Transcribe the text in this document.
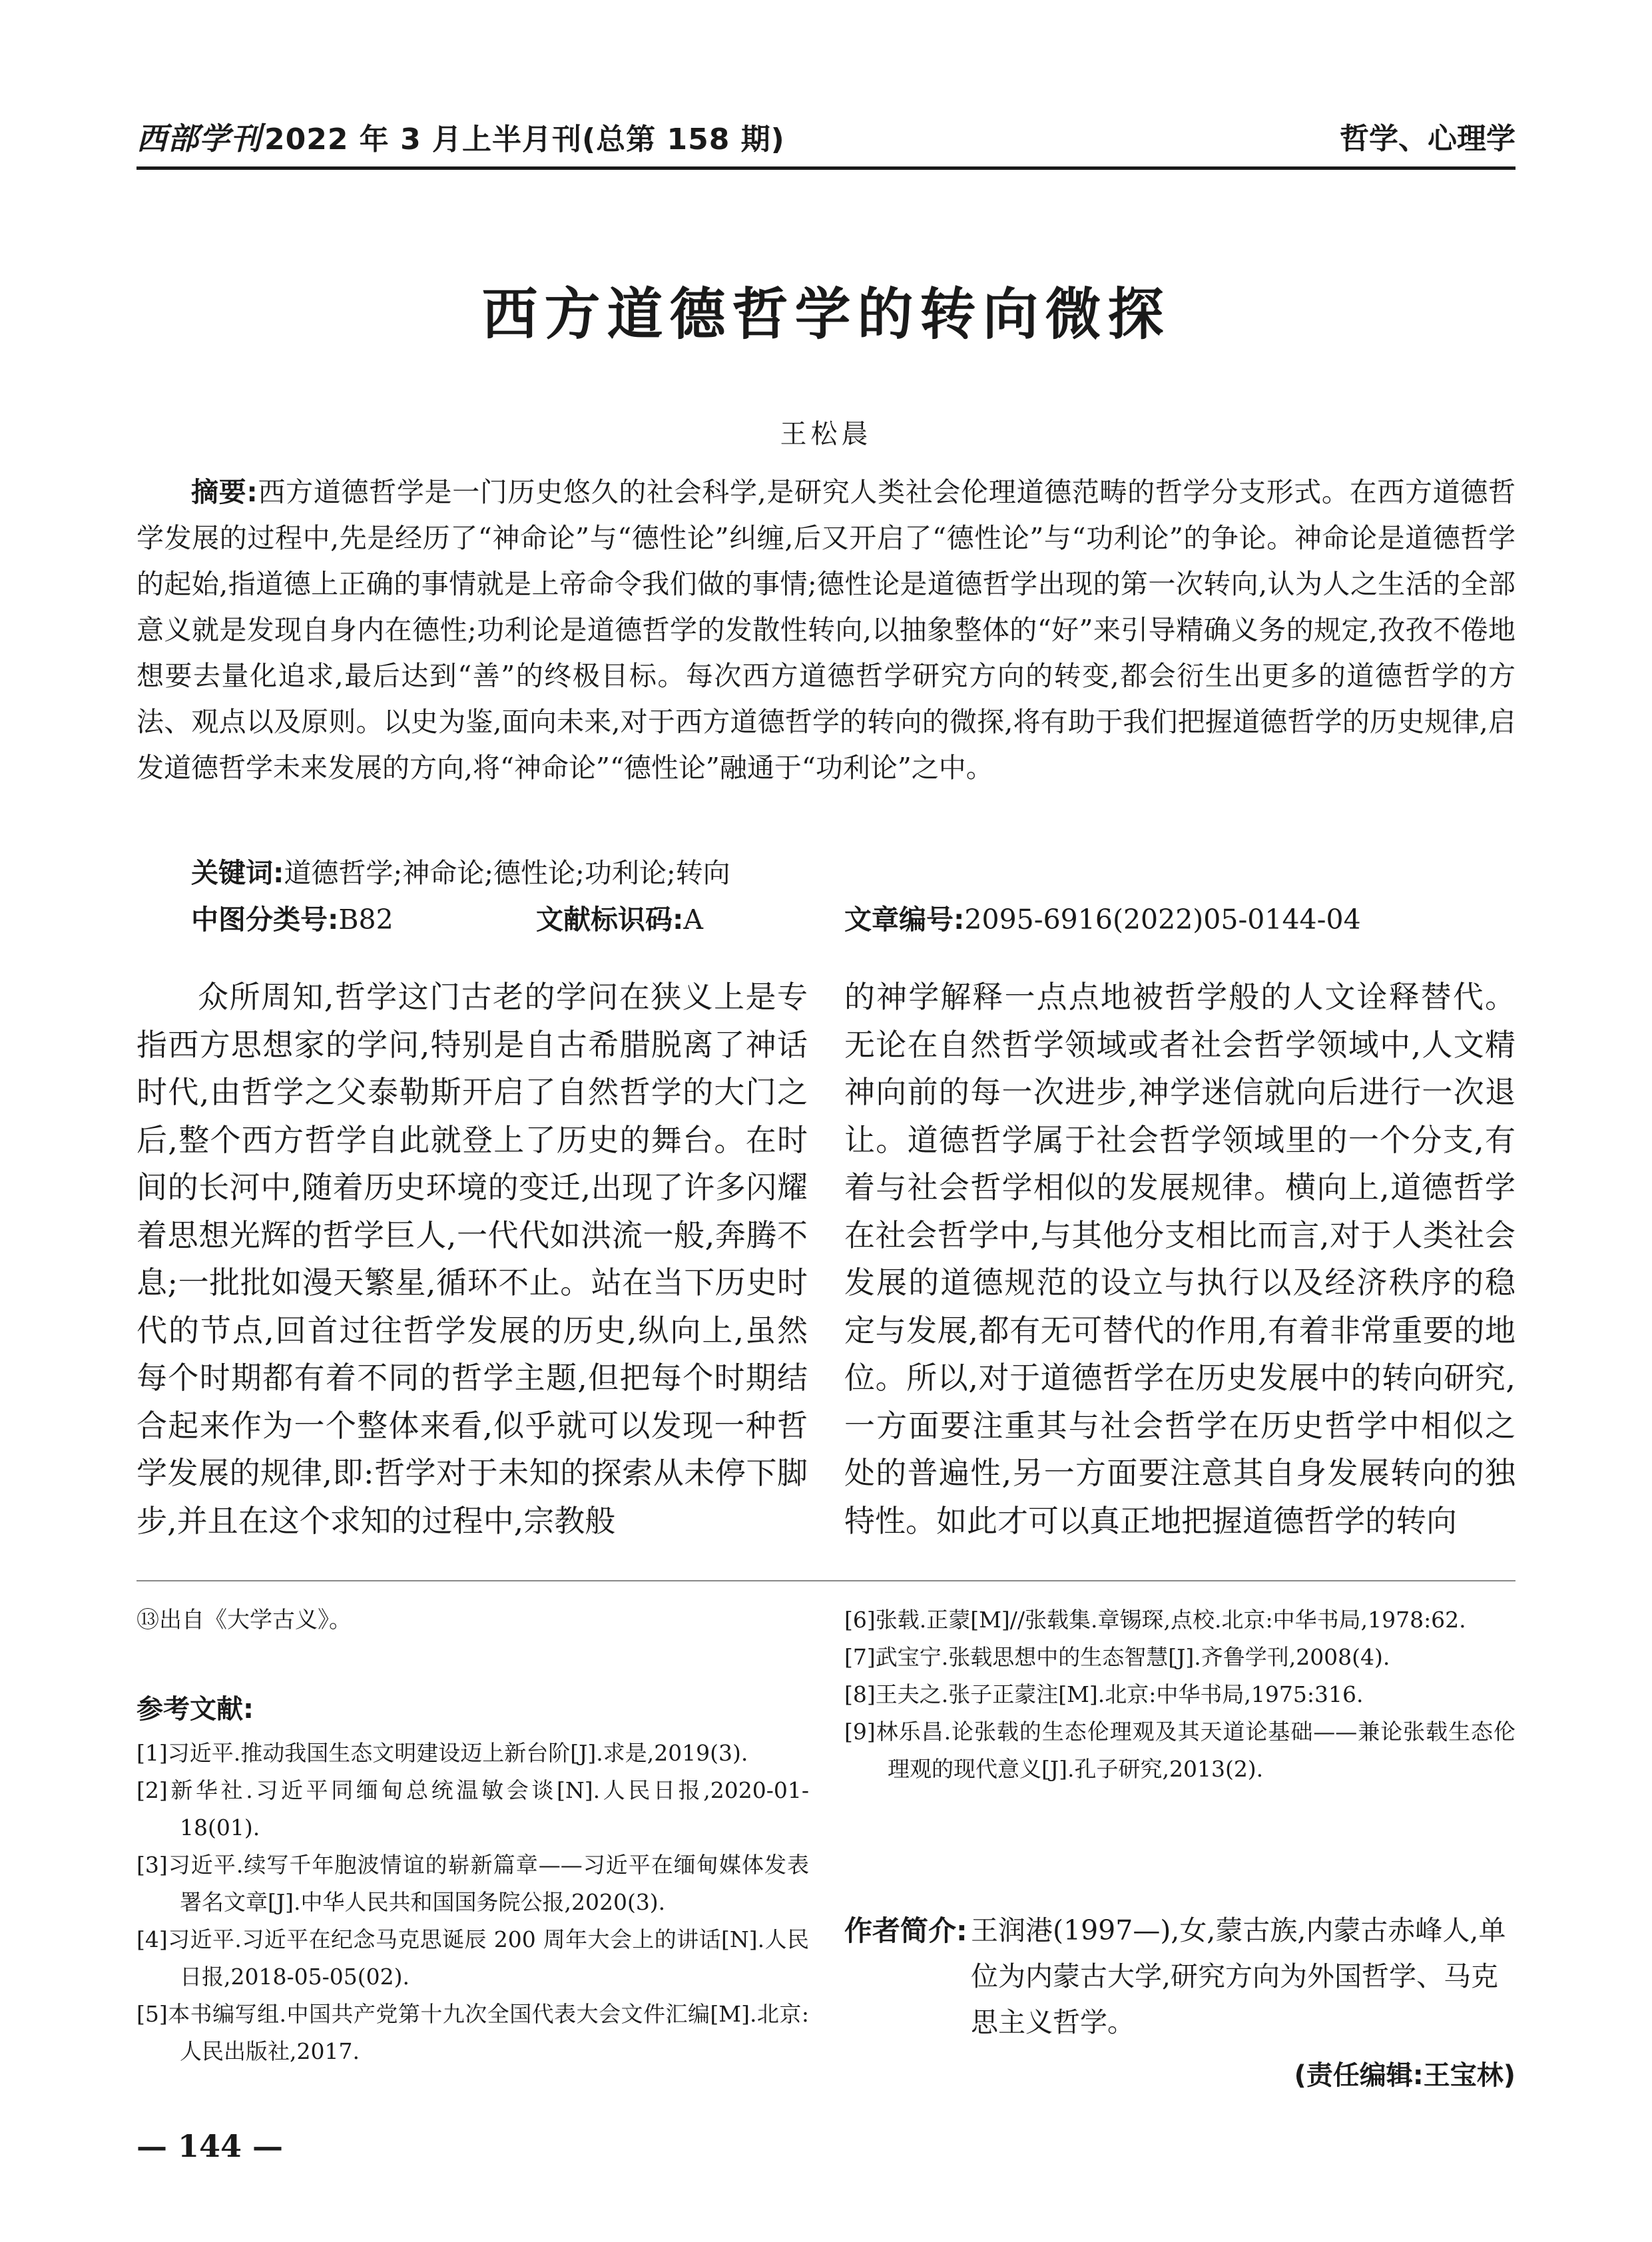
西部学刊2022 年 3 月上半月刊(总第 158 期)	哲学、心理学
西方道德哲学的转向微探
王松晨
摘要:西方道德哲学是一门历史悠久的社会科学,是研究人类社会伦理道德范畴的哲学分支形式。在西方道德哲学发展的过程中,先是经历了“神命论”与“德性论”纠缠,后又开启了“德性论”与“功利论”的争论。神命论是道德哲学的起始,指道德上正确的事情就是上帝命令我们做的事情;德性论是道德哲学出现的第一次转向,认为人之生活的全部意义就是发现自身内在德性;功利论是道德哲学的发散性转向,以抽象整体的“好”来引导精确义务的规定,孜孜不倦地想要去量化追求,最后达到“善”的终极目标。每次西方道德哲学研究方向的转变,都会衍生出更多的道德哲学的方法、观点以及原则。以史为鉴,面向未来,对于西方道德哲学的转向的微探,将有助于我们把握道德哲学的历史规律,启发道德哲学未来发展的方向,将“神命论”“德性论”融通于“功利论”之中。
关键词:道德哲学;神命论;德性论;功利论;转向
中图分类号:B82	文献标识码:A	文章编号:2095-6916(2022)05-0144-04
众所周知,哲学这门古老的学问在狭义上是专指西方思想家的学问,特别是自古希腊脱离了神话时代,由哲学之父泰勒斯开启了自然哲学的大门之后,整个西方哲学自此就登上了历史的舞台。在时间的长河中,随着历史环境的变迁,出现了许多闪耀着思想光辉的哲学巨人,一代代如洪流一般,奔腾不息;一批批如漫天繁星,循环不止。站在当下历史时代的节点,回首过往哲学发展的历史,纵向上,虽然每个时期都有着不同的哲学主题,但把每个时期结合起来作为一个整体来看,似乎就可以发现一种哲学发展的规律,即:哲学对于未知的探索从未停下脚步,并且在这个求知的过程中,宗教般
的神学解释一点点地被哲学般的人文诠释替代。无论在自然哲学领域或者社会哲学领域中,人文精神向前的每一次进步,神学迷信就向后进行一次退让。道德哲学属于社会哲学领域里的一个分支,有着与社会哲学相似的发展规律。横向上,道德哲学在社会哲学中,与其他分支相比而言,对于人类社会发展的道德规范的设立与执行以及经济秩序的稳定与发展,都有无可替代的作用,有着非常重要的地位。所以,对于道德哲学在历史发展中的转向研究,一方面要注重其与社会哲学在历史哲学中相似之处的普遍性,另一方面要注意其自身发展转向的独特性。如此才可以真正地把握道德哲学的转向
⑬出自《大学古义》。
参考文献:

[1]习近平.推动我国生态文明建设迈上新台阶[J].求是,2019(3).

[2]新华社.习近平同缅甸总统温敏会谈[N].人民日报,2020-01-18(01).

[3]习近平.续写千年胞波情谊的崭新篇章——习近平在缅甸媒体发表署名文章[J].中华人民共和国国务院公报,2020(3).

[4]习近平.习近平在纪念马克思诞辰 200 周年大会上的讲话[N].人民日报,2018-05-05(02).

[5]本书编写组.中国共产党第十九次全国代表大会文件汇编[M].北京:人民出版社,2017.

[6]张载.正蒙[M]//张载集.章锡琛,点校.北京:中华书局,1978:62.

[7]武宝宁.张载思想中的生态智慧[J].齐鲁学刊,2008(4).

[8]王夫之.张子正蒙注[M].北京:中华书局,1975:316.

[9]林乐昌.论张载的生态伦理观及其天道论基础——兼论张载生态伦理观的现代意义[J].孔子研究,2013(2).

作者简介: 王润港(1997—),女,蒙古族,内蒙古赤峰人,单位为内蒙古大学,研究方向为外国哲学、马克思主义哲学。
(责任编辑:王宝林)
— 144 —
